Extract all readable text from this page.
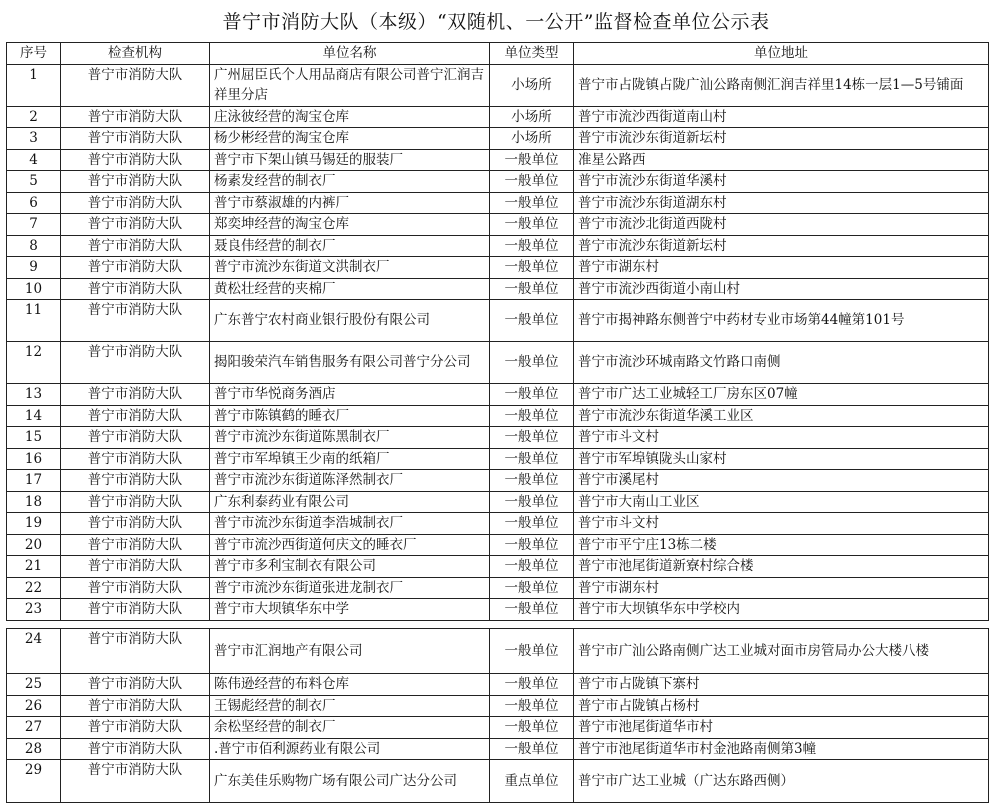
普宁市消防大队（本级）“双随机、一公开”监督检查单位公示表
序号	检查机构	单位名称	单位类型	单位地址
1	普宁市消防大队	广州屈臣氏个人用品商店有限公司普宁汇润吉祥里分店	小场所	普宁市占陇镇占陇广汕公路南侧汇润吉祥里14栋一层1—5号铺面
2	普宁市消防大队	庄泳彼经营的淘宝仓库	小场所	普宁市流沙西街道南山村
3	普宁市消防大队	杨少彬经营的淘宝仓库	小场所	普宁市流沙东街道新坛村
4	普宁市消防大队	普宁市下架山镇马锡廷的服装厂	一般单位	准星公路西
5	普宁市消防大队	杨素发经营的制衣厂	一般单位	普宁市流沙东街道华溪村
6	普宁市消防大队	普宁市蔡淑雄的内裤厂	一般单位	普宁市流沙东街道湖东村
7	普宁市消防大队	郑奕坤经营的淘宝仓库	一般单位	普宁市流沙北街道西陇村
8	普宁市消防大队	聂良伟经营的制衣厂	一般单位	普宁市流沙东街道新坛村
9	普宁市消防大队	普宁市流沙东街道文洪制衣厂	一般单位	普宁市湖东村
10	普宁市消防大队	黄松壮经营的夹棉厂	一般单位	普宁市流沙西街道小南山村
11	普宁市消防大队	广东普宁农村商业银行股份有限公司	一般单位	普宁市揭神路东侧普宁中药材专业市场第44幢第101号
12	普宁市消防大队	揭阳骏荣汽车销售服务有限公司普宁分公司	一般单位	普宁市流沙环城南路文竹路口南侧
13	普宁市消防大队	普宁市华悦商务酒店	一般单位	普宁市广达工业城轻工厂房东区07幢
14	普宁市消防大队	普宁市陈镇鹤的睡衣厂	一般单位	普宁市流沙东街道华溪工业区
15	普宁市消防大队	普宁市流沙东街道陈黑制衣厂	一般单位	普宁市斗文村
16	普宁市消防大队	普宁市军埠镇王少南的纸箱厂	一般单位	普宁市军埠镇陇头山家村
17	普宁市消防大队	普宁市流沙东街道陈泽然制衣厂	一般单位	普宁市溪尾村
18	普宁市消防大队	广东利泰药业有限公司	一般单位	普宁市大南山工业区
19	普宁市消防大队	普宁市流沙东街道李浩城制衣厂	一般单位	普宁市斗文村
20	普宁市消防大队	普宁市流沙西街道何庆文的睡衣厂	一般单位	普宁市平宁庄13栋二楼
21	普宁市消防大队	普宁市多利宝制衣有限公司	一般单位	普宁市池尾街道新寮村综合楼
22	普宁市消防大队	普宁市流沙东街道张进龙制衣厂	一般单位	普宁市湖东村
23	普宁市消防大队	普宁市大坝镇华东中学	一般单位	普宁市大坝镇华东中学校内
24	普宁市消防大队	普宁市汇润地产有限公司	一般单位	普宁市广汕公路南侧广达工业城对面市房管局办公大楼八楼
25	普宁市消防大队	陈伟逊经营的布料仓库	一般单位	普宁市占陇镇下寨村
26	普宁市消防大队	王锡彪经营的制衣厂	一般单位	普宁市占陇镇占杨村
27	普宁市消防大队	余松坚经营的制衣厂	一般单位	普宁市池尾街道华市村
28	普宁市消防大队	.普宁市佰利源药业有限公司	一般单位	普宁市池尾街道华市村金池路南侧第3幢
29	普宁市消防大队	广东美佳乐购物广场有限公司广达分公司	重点单位	普宁市广达工业城（广达东路西侧）
